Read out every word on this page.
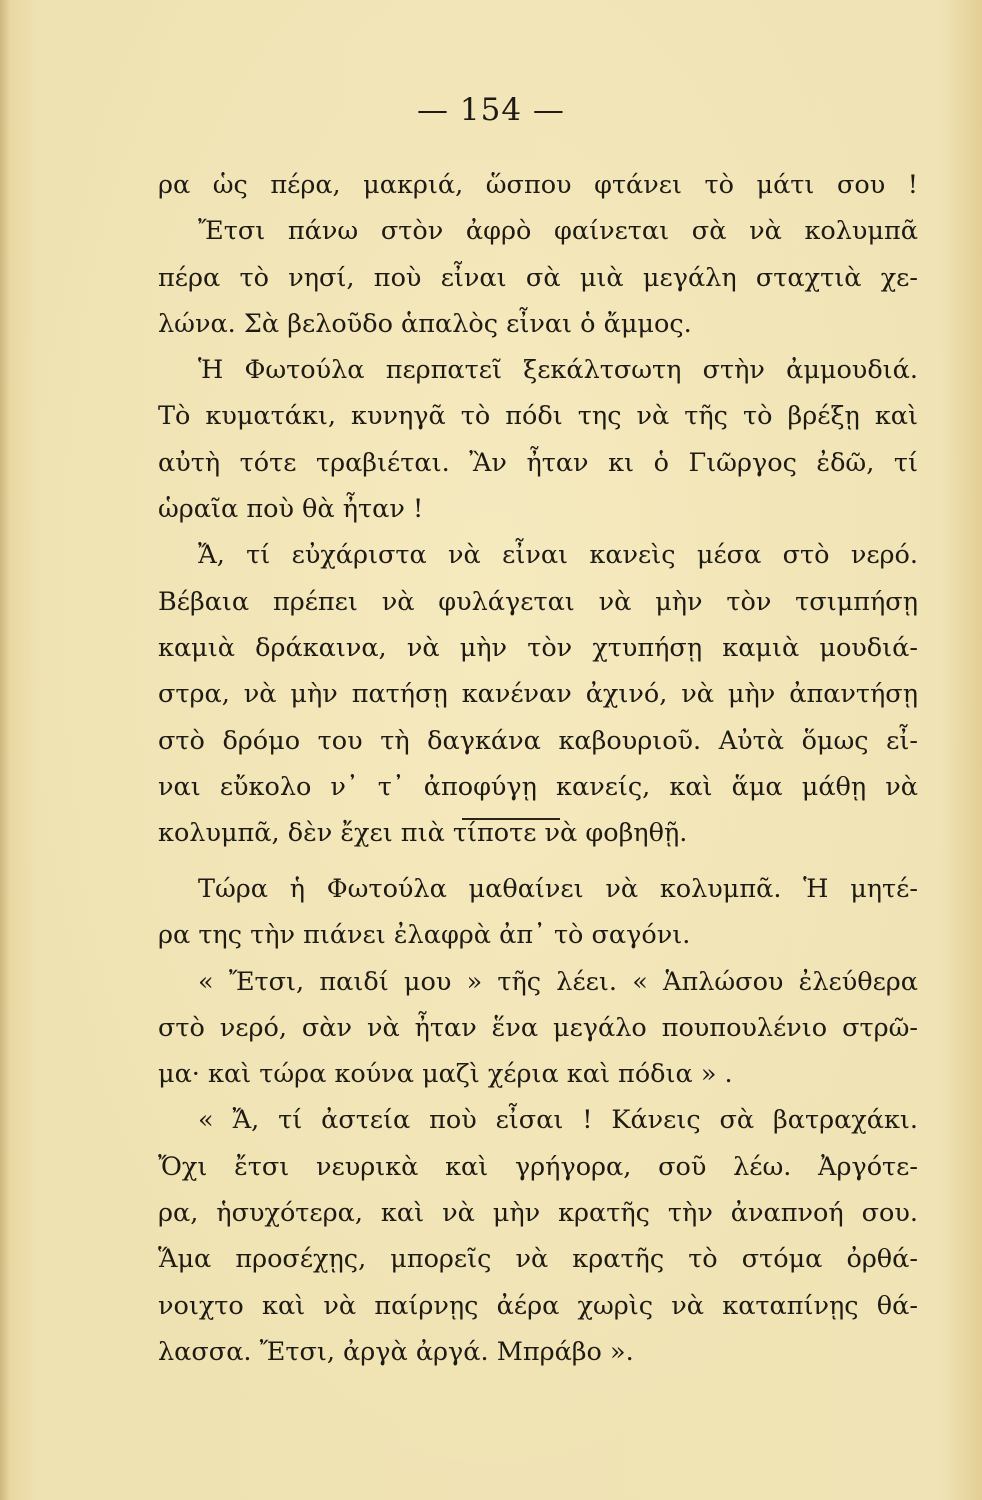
— 154 —
ρα ὡς πέρα, μακριά, ὥσπου φτάνει τὸ μάτι σου !
Ἔτσι πάνω στὸν ἀφρὸ φαίνεται σὰ νὰ κολυμπᾶ
πέρα τὸ νησί, ποὺ εἶναι σὰ μιὰ μεγάλη σταχτιὰ χε-
λώνα. Σὰ βελοῦδο ἁπαλὸς εἶναι ὁ ἄμμος.
Ἡ Φωτούλα περπατεῖ ξεκάλτσωτη στὴν ἀμμουδιά.
Τὸ κυματάκι, κυνηγᾶ τὸ πόδι της νὰ τῆς τὸ βρέξῃ καὶ
αὐτὴ τότε τραβιέται. Ἂν ἦταν κι ὁ Γιῶργος ἐδῶ, τί
ὡραῖα ποὺ θὰ ἦταν !
Ἄ, τί εὐχάριστα νὰ εἶναι κανεὶς μέσα στὸ νερό.
Βέβαια πρέπει νὰ φυλάγεται νὰ μὴν τὸν τσιμπήσῃ
καμιὰ δράκαινα, νὰ μὴν τὸν χτυπήσῃ καμιὰ μουδιά-
στρα, νὰ μὴν πατήσῃ κανέναν ἀχινό, νὰ μὴν ἀπαντήσῃ
στὸ δρόμο του τὴ δαγκάνα καβουριοῦ. Αὐτὰ ὅμως εἶ-
ναι εὔκολο ν᾿ τ᾿ ἀποφύγῃ κανείς, καὶ ἅμα μάθῃ νὰ
κολυμπᾶ, δὲν ἔχει πιὰ τίποτε νὰ φοβηθῇ.
Τώρα ἡ Φωτούλα μαθαίνει νὰ κολυμπᾶ. Ἡ μητέ-
ρα της τὴν πιάνει ἐλαφρὰ ἀπ᾿ τὸ σαγόνι.
« Ἔτσι, παιδί μου » τῆς λέει. « Ἁπλώσου ἐλεύθερα
στὸ νερό, σὰν νὰ ἦταν ἕνα μεγάλο πουπουλένιο στρῶ-
μα· καὶ τώρα κούνα μαζὶ χέρια καὶ πόδια » .
« Ἄ, τί ἀστεία ποὺ εἶσαι ! Κάνεις σὰ βατραχάκι.
Ὄχι ἔτσι νευρικὰ καὶ γρήγορα, σοῦ λέω. Ἀργότε-
ρα, ἡσυχότερα, καὶ νὰ μὴν κρατῆς τὴν ἀναπνοή σου.
Ἅμα προσέχῃς, μπορεῖς νὰ κρατῆς τὸ στόμα ὀρθά-
νοιχτο καὶ νὰ παίρνῃς ἀέρα χωρὶς νὰ καταπίνῃς θά-
λασσα. Ἔτσι, ἀργὰ ἀργά. Μπράβο ».
